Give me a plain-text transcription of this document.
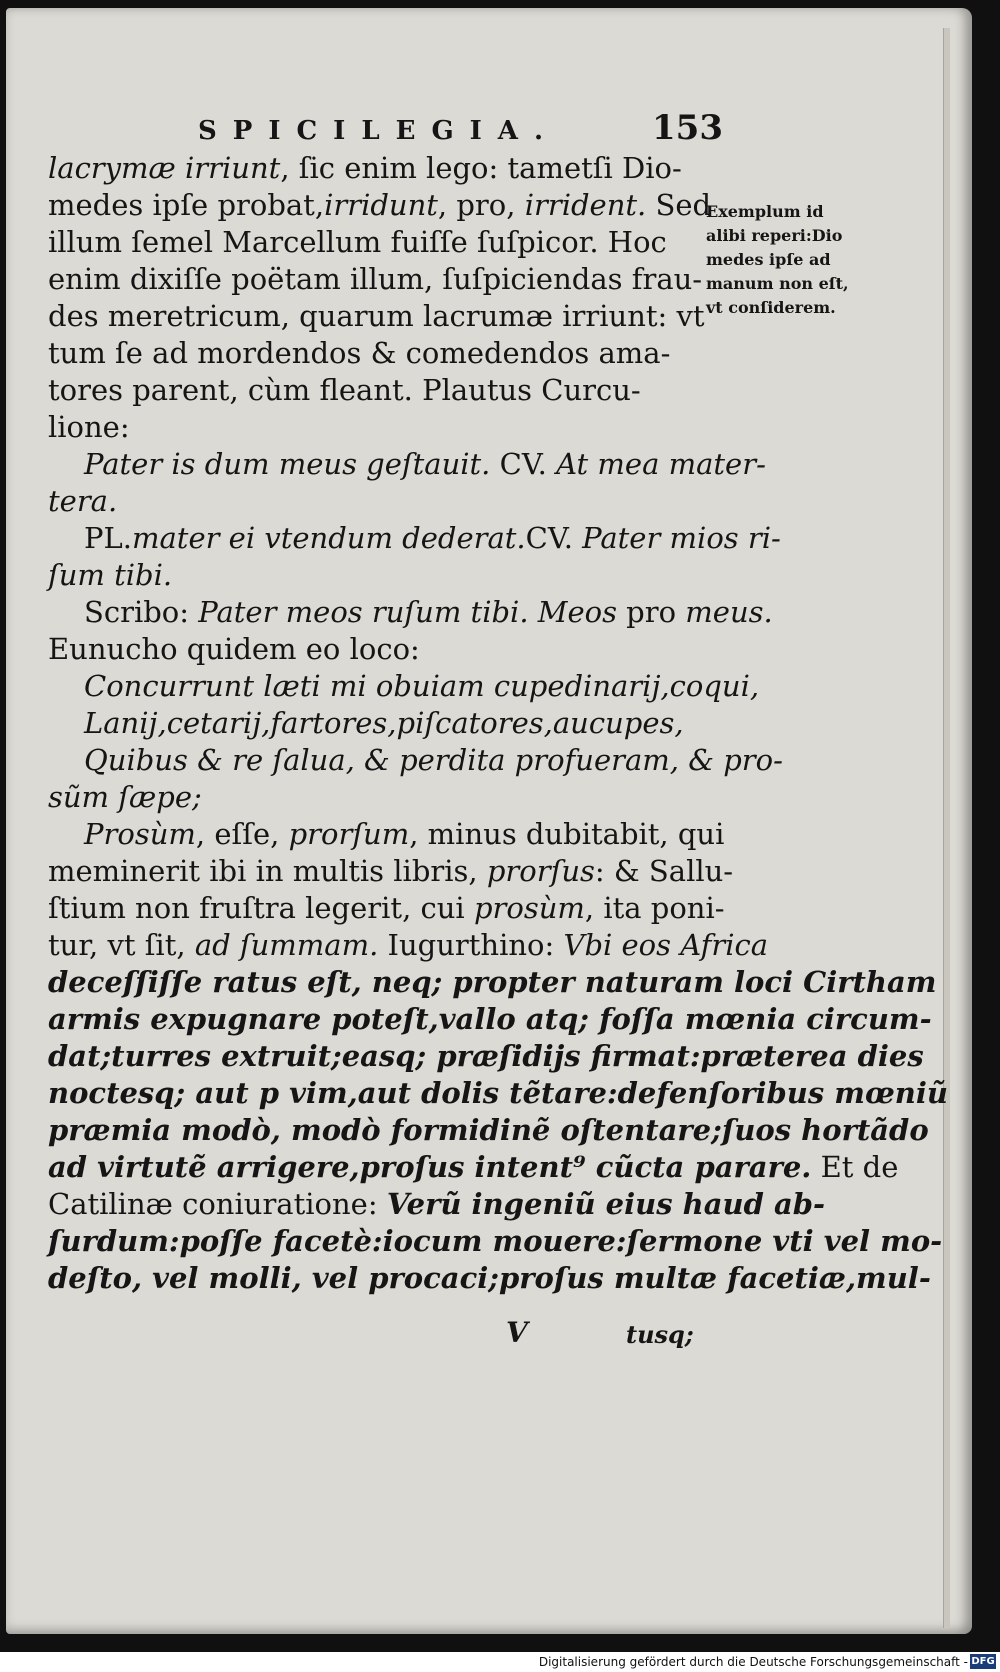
SPICILEGIA.	153
lacrymæ irriunt, ſic enim lego: tametſi Dio-
medes ipſe probat,irridunt, pro, irrident. Sed
illum ſemel Marcellum fuiſſe ſuſpicor. Hoc
enim dixiſſe poëtam illum, ſuſpiciendas frau-
des meretricum, quarum lacrumæ irriunt: vt
tum ſe ad mordendos & comedendos ama-
tores parent, cùm fleant. Plautus Curcu-
lione:
Pater is dum meus geſtauit. CV. At mea mater-
tera.
PL.mater ei vtendum dederat.CV. Pater mios ri-
ſum tibi.
Scribo: Pater meos ruſum tibi. Meos pro meus.
Eunucho quidem eo loco:
Concurrunt læti mi obuiam cupedinarij,coqui,
Lanij,cetarij,fartores,piſcatores,aucupes,
Quibus & re ſalua, & perdita profueram, & pro-
sũm ſæpe;
Prosùm, eſſe, prorſum, minus dubitabit, qui
meminerit ibi in multis libris, prorſus: & Sallu-
ſtium non fruſtra legerit, cui prosùm, ita poni-
tur, vt ſit, ad ſummam. Iugurthino: Vbi eos Africa
deceſſiſſe ratus eſt, neq; propter naturam loci Cirtham
armis expugnare poteſt,vallo atq; foſſa mœnia circum-
dat;turres extruit;easq; præſidijs firmat:præterea dies
noctesq; aut p vim,aut dolis tẽtare:defenſoribus mœniũ
præmia modò, modò formidinẽ oſtentare;ſuos hortãdo
ad virtutẽ arrigere,proſus intent⁹ cũcta parare. Et de
Catilinæ coniuratione: Verũ ingeniũ eius haud ab-
ſurdum:poſſe facetè:iocum mouere:ſermone vti vel mo-
deſto, vel molli, vel procaci;proſus multæ facetiæ,mul-
Exemplum id
alibi reperi:Dio
medes ipſe ad
manum non eſt,
vt conſiderem.
V	tusq;
Digitalisierung gefördert durch die Deutsche Forschungsgemeinschaft - DFG
